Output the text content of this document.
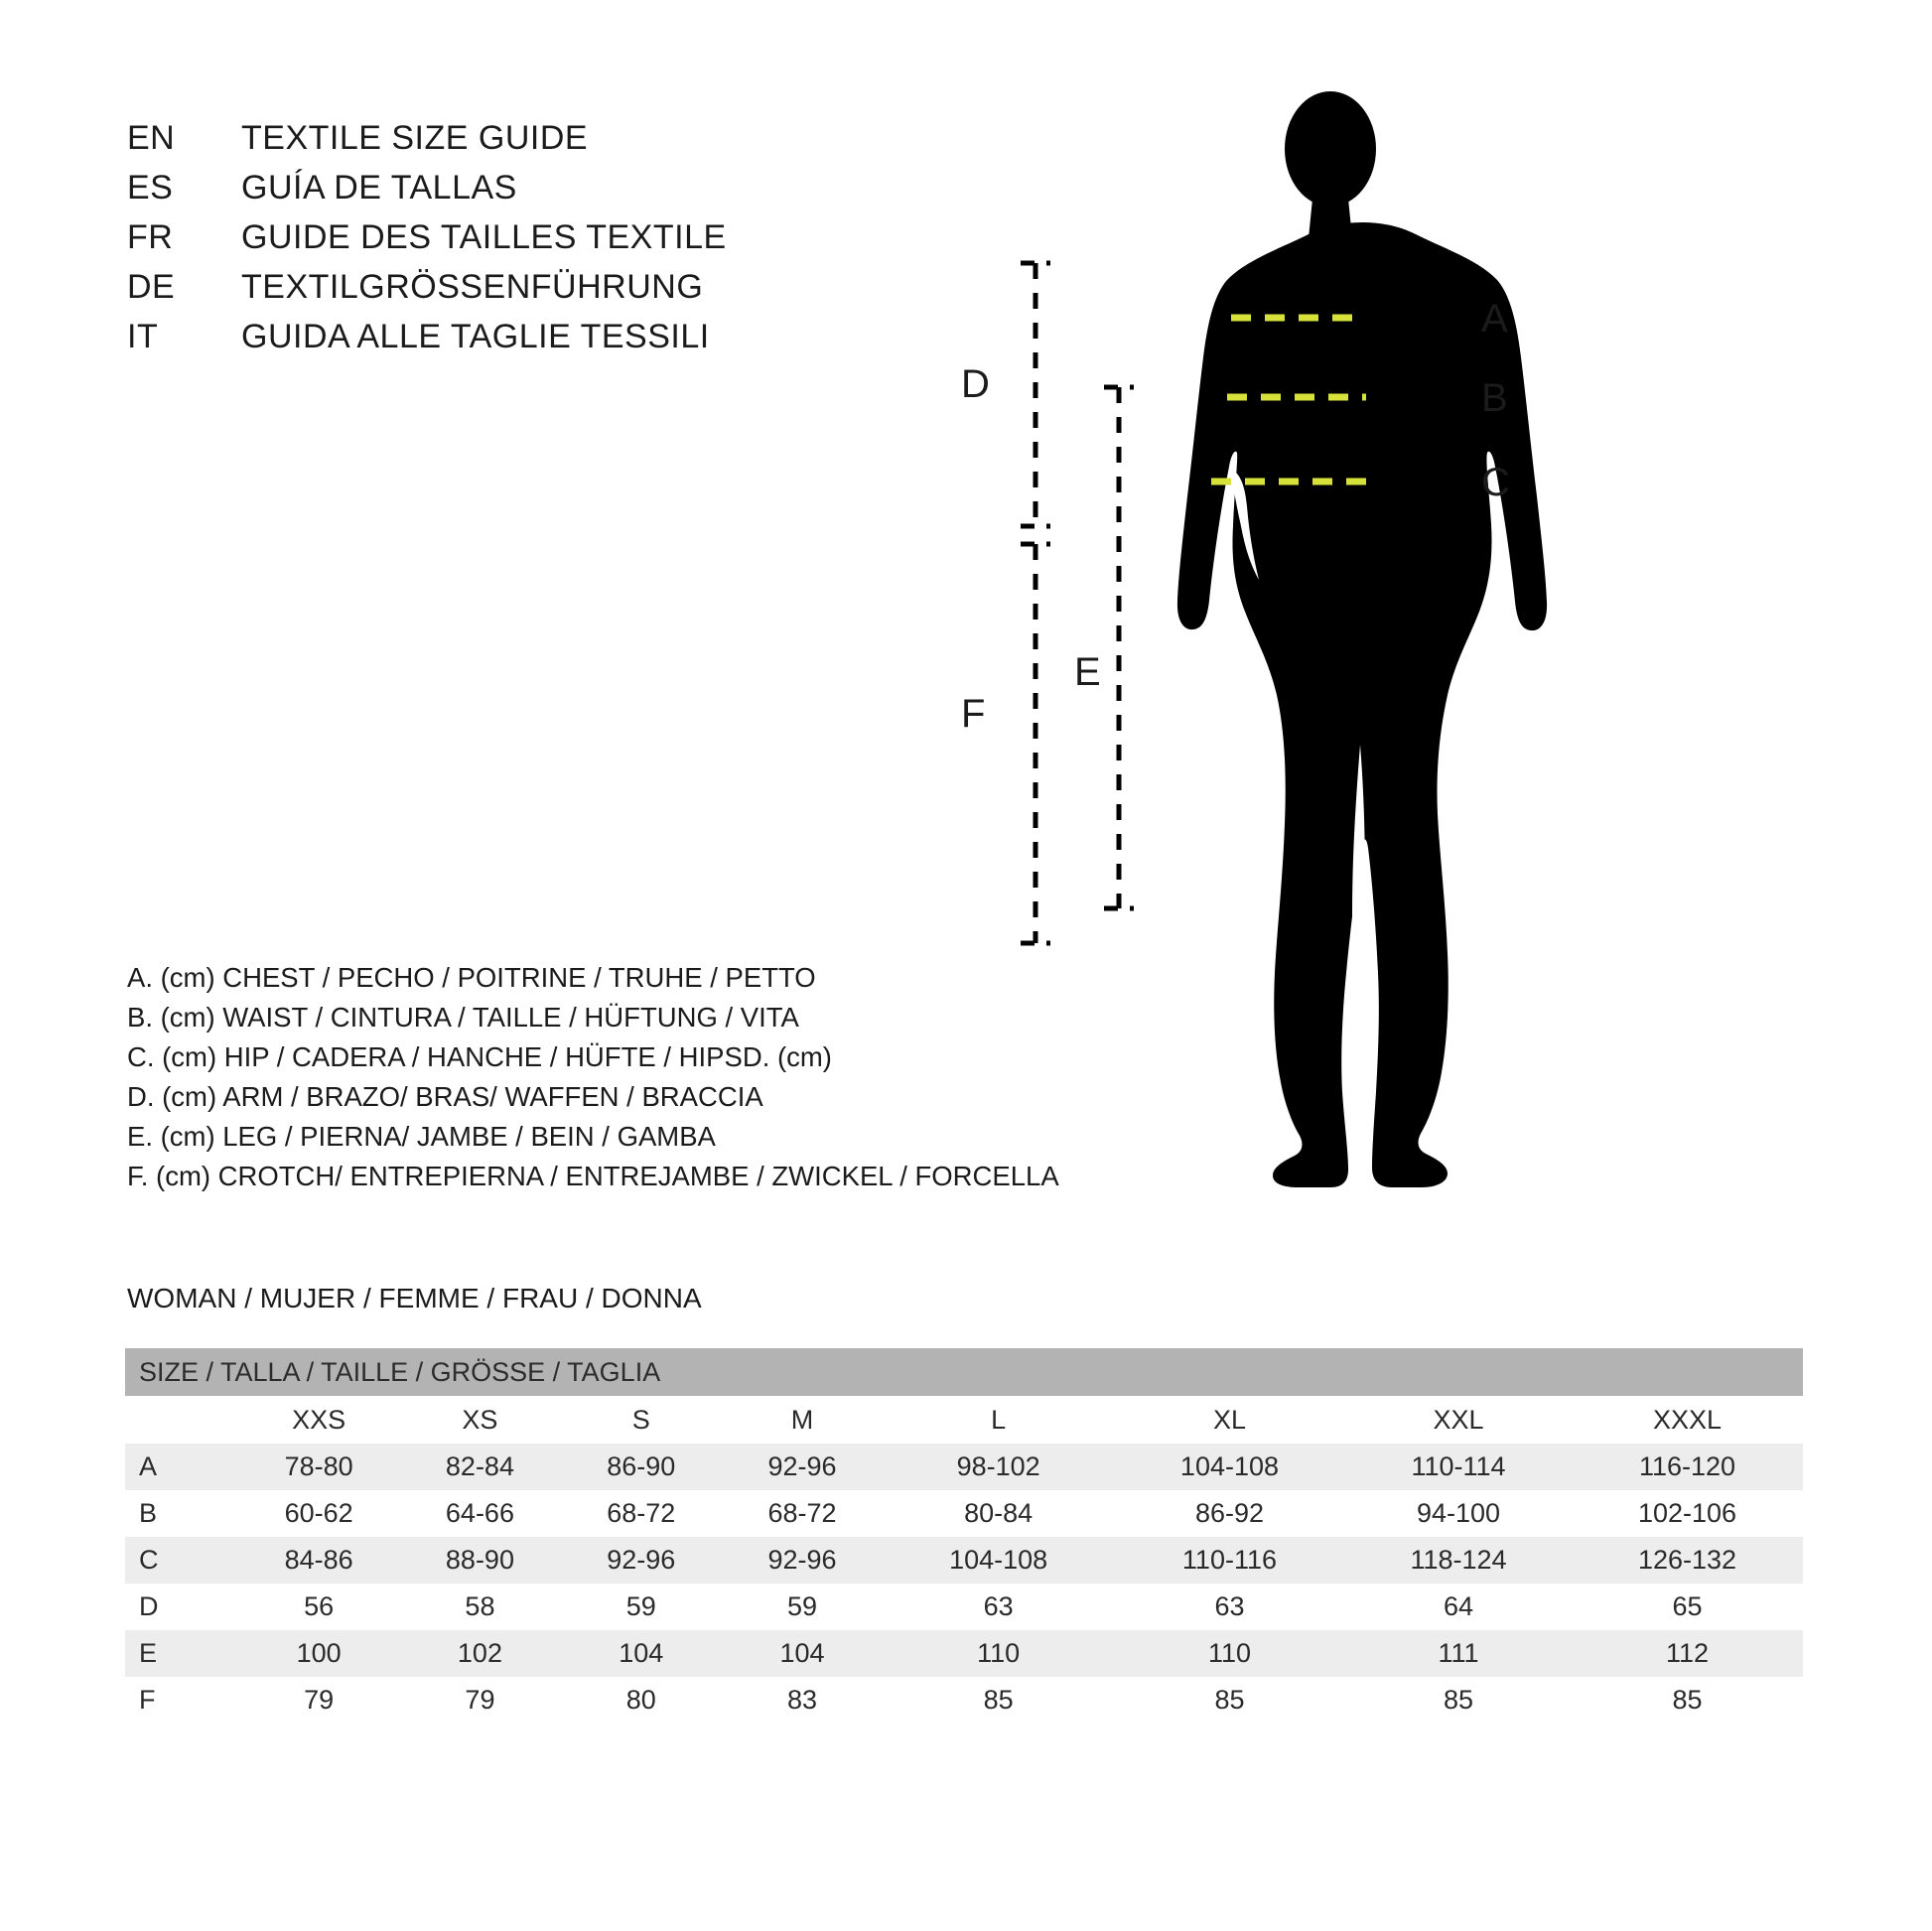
EN	TEXTILE SIZE GUIDE
ES	GUÍA DE TALLAS
FR	GUIDE DES TAILLES TEXTILE
DE	TEXTILGRÖSSENFÜHRUNG
IT	GUIDA ALLE TAGLIE TESSILI	A
B
C
D
E
F
A. (cm) CHEST / PECHO / POITRINE / TRUHE / PETTO
B. (cm) WAIST / CINTURA / TAILLE / HÜFTUNG / VITA
C. (cm) HIP / CADERA / HANCHE / HÜFTE / HIPSD. (cm)
D. (cm) ARM / BRAZO/ BRAS/ WAFFEN / BRACCIA
E. (cm) LEG / PIERNA/ JAMBE / BEIN / GAMBA
F. (cm) CROTCH/ ENTREPIERNA / ENTREJAMBE / ZWICKEL / FORCELLA
WOMAN / MUJER / FEMME / FRAU / DONNA
SIZE / TALLA / TAILLE / GRÖSSE / TAGLIA								
	XXS	XS	S	M	L	XL	XXL	XXXL
A	78-80	82-84	86-90	92-96	98-102	104-108	110-114	116-120
B	60-62	64-66	68-72	68-72	80-84	86-92	94-100	102-106
C	84-86	88-90	92-96	92-96	104-108	110-116	118-124	126-132
D	56	58	59	59	63	63	64	65
E	100	102	104	104	110	110	111	112
F	79	79	80	83	85	85	85	85
